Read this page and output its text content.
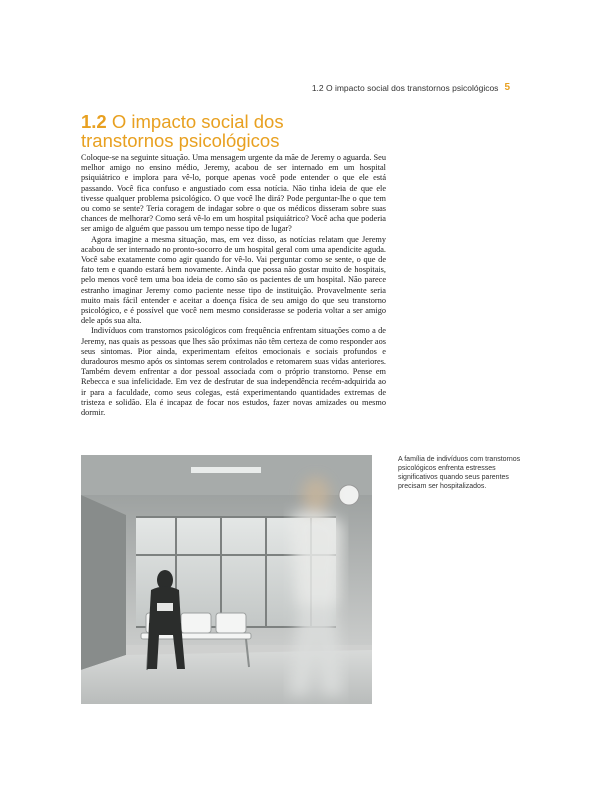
1.2 O impacto social dos transtornos psicológicos 5
1.2 O impacto social dos
transtornos psicológicos

Coloque-se na seguinte situação. Uma mensagem urgente da mãe de Jeremy o aguarda. Seu melhor amigo no ensino médio, Jeremy, acabou de ser internado em um hospital psiquiátrico e implora para vê-lo, porque apenas você pode entender o que ele está passando. Você fica confuso e angustiado com essa notícia. Não tinha ideia de que ele tivesse qualquer problema psicológico. O que você lhe dirá? Pode perguntar-lhe o que tem ou como se sente? Teria coragem de indagar sobre o que os médicos disseram sobre suas chances de melhorar? Como será vê-lo em um hospital psiquiátrico? Você acha que poderia ser amigo de alguém que passou um tempo nesse tipo de lugar?

Agora imagine a mesma situação, mas, em vez disso, as notícias relatam que Jeremy acabou de ser internado no pronto-socorro de um hospital geral com uma apendicite aguda. Você sabe exatamente como agir quando for vê-lo. Vai perguntar como se sente, o que de fato tem e quando estará bem novamente. Ainda que possa não gostar muito de hospitais, pelo menos você tem uma boa ideia de como são os pacientes de um hospital. Não parece estranho imaginar Jeremy como paciente nesse tipo de instituição. Provavelmente seria muito mais fácil entender e aceitar a doença física de seu amigo do que seu transtorno psicológico, e é possível que você nem mesmo considerasse se poderia voltar a ser amigo dele após sua alta.

Indivíduos com transtornos psicológicos com frequência enfrentam situações como a de Jeremy, nas quais as pessoas que lhes são próximas não têm certeza de como responder aos seus sintomas. Pior ainda, experimentam efeitos emocionais e sociais profundos e duradouros mesmo após os sintomas serem controlados e retomarem suas vidas anteriores. Também devem enfrentar a dor pessoal associada com o próprio transtorno. Pense em Rebecca e sua infelicidade. Em vez de desfrutar de sua independência recém-adquirida ao ir para a faculdade, como seus colegas, está experimentando quantidades extremas de tristeza e solidão. Ela é incapaz de focar nos estudos, fazer novas amizades ou mesmo dormir.

A família de indivíduos com transtornos psicológicos enfrenta estresses significativos quando seus parentes precisam ser hospitalizados.
